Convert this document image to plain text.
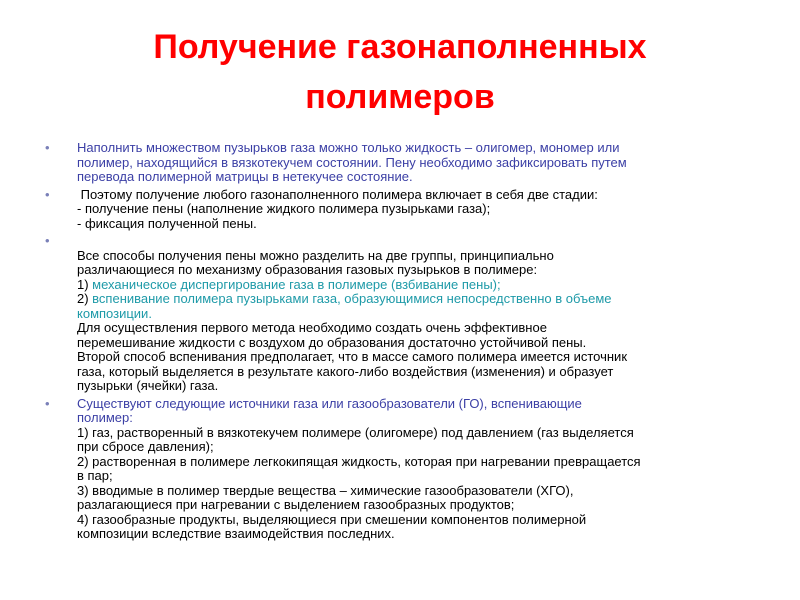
Получение газонаполненных
полимеров
• Наполнить множеством пузырьков газа можно только жидкость – олигомер, мономер или
полимер, находящийся в вязкотекучем состоянии. Пену необходимо зафиксировать путем
перевода полимерной матрицы в нетекучее состояние.
• Поэтому получение любого газонаполненного полимера включает в себя две стадии:
- получение пены (наполнение жидкого полимера пузырьками газа);
- фиксация полученной пены.
•
Все способы получения пены можно разделить на две группы, принципиально
различающиеся по механизму образования газовых пузырьков в полимере:
1) механическое диспергирование газа в полимере (взбивание пены);
2) вспенивание полимера пузырьками газа, образующимися непосредственно в объеме
композиции.
Для осуществления первого метода необходимо создать очень эффективное
перемешивание жидкости с воздухом до образования достаточно устойчивой пены.
Второй способ вспенивания предполагает, что в массе самого полимера имеется источник
газа, который выделяется в результате какого-либо воздействия (изменения) и образует
пузырьки (ячейки) газа.
• Существуют следующие источники газа или газообразователи (ГО), вспенивающие
полимер:
1) газ, растворенный в вязкотекучем полимере (олигомере) под давлением (газ выделяется
при сбросе давления);
2) растворенная в полимере легкокипящая жидкость, которая при нагревании превращается
в пар;
3) вводимые в полимер твердые вещества – химические газообразователи (ХГО),
разлагающиеся при нагревании с выделением газообразных продуктов;
4) газообразные продукты, выделяющиеся при смешении компонентов полимерной
композиции вследствие взаимодействия последних.
